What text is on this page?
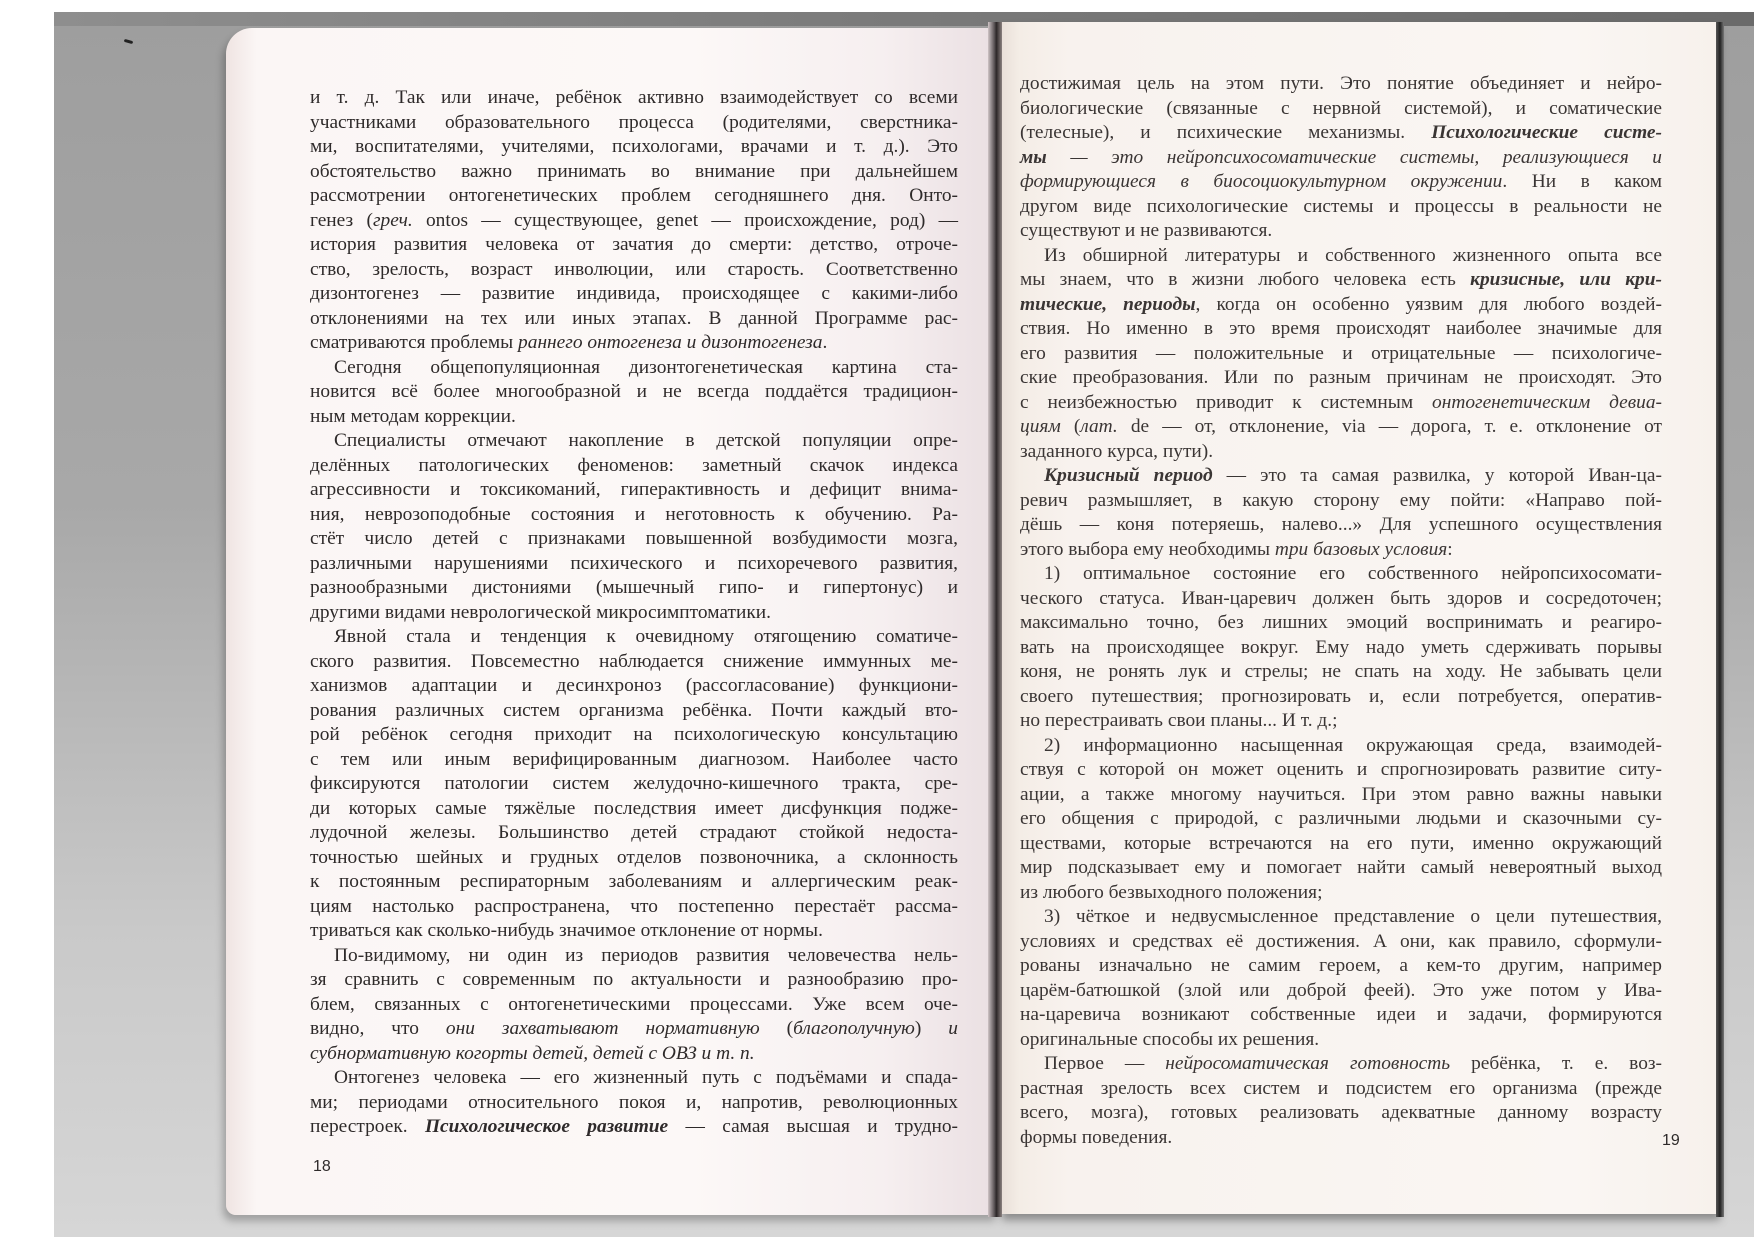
и т. д. Так или иначе, ребёнок активно взаимодействует со всеми
участниками образовательного процесса (родителями, сверстника-
ми, воспитателями, учителями, психологами, врачами и т. д.). Это
обстоятельство важно принимать во внимание при дальнейшем
рассмотрении онтогенетических проблем сегодняшнего дня. Онто-
генез (греч. ontos — существующее, genet — происхождение, род) —
история развития человека от зачатия до смерти: детство, отроче-
ство, зрелость, возраст инволюции, или старость. Соответственно
дизонтогенез — развитие индивида, происходящее с какими-либо
отклонениями на тех или иных этапах. В данной Программе рас-
сматриваются проблемы раннего онтогенеза и дизонтогенеза.
Сегодня общепопуляционная дизонтогенетическая картина ста-
новится всё более многообразной и не всегда поддаётся традицион-
ным методам коррекции.
Специалисты отмечают накопление в детской популяции опре-
делённых патологических феноменов: заметный скачок индекса
агрессивности и токсикоманий, гиперактивность и дефицит внима-
ния, неврозоподобные состояния и неготовность к обучению. Ра-
стёт число детей с признаками повышенной возбудимости мозга,
различными нарушениями психического и психоречевого развития,
разнообразными дистониями (мышечный гипо- и гипертонус) и
другими видами неврологической микросимптоматики.
Явной стала и тенденция к очевидному отягощению соматиче-
ского развития. Повсеместно наблюдается снижение иммунных ме-
ханизмов адаптации и десинхроноз (рассогласование) функциони-
рования различных систем организма ребёнка. Почти каждый вто-
рой ребёнок сегодня приходит на психологическую консультацию
с тем или иным верифицированным диагнозом. Наиболее часто
фиксируются патологии систем желудочно-кишечного тракта, сре-
ди которых самые тяжёлые последствия имеет дисфункция поджe-
лудочной железы. Большинство детей страдают стойкой недоста-
точностью шейных и грудных отделов позвоночника, а склонность
к постоянным респираторным заболеваниям и аллергическим реак-
циям настолько распространена, что постепенно перестаёт рассма-
триваться как сколько-нибудь значимое отклонение от нормы.
По-видимому, ни один из периодов развития человечества нель-
зя сравнить с современным по актуальности и разнообразию про-
блем, связанных с онтогенетическими процессами. Уже всем оче-
видно, что они захватывают нормативную (благополучную) и
субнормативную когорты детей, детей с ОВЗ и т. п.
Онтогенез человека — его жизненный путь с подъёмами и спада-
ми; периодами относительного покоя и, напротив, революционных
перестроек. Психологическое развитие — самая высшая и трудно-
достижимая цель на этом пути. Это понятие объединяет и нейро-
биологические (связанные с нервной системой), и соматические
(телесные), и психические механизмы. Психологические систе-
мы — это нейропсихосоматические системы, реализующиеся и
формирующиеся в биосоциокультурном окружении. Ни в каком
другом виде психологические системы и процессы в реальности не
существуют и не развиваются.
Из обширной литературы и собственного жизненного опыта все
мы знаем, что в жизни любого человека есть кризисные, или кри-
тические, периоды, когда он особенно уязвим для любого воздей-
ствия. Но именно в это время происходят наиболее значимые для
его развития — положительные и отрицательные — психологиче-
ские преобразования. Или по разным причинам не происходят. Это
с неизбежностью приводит к системным онтогенетическим девиа-
циям (лат. de — от, отклонение, via — дорога, т. е. отклонение от
заданного курса, пути).
Кризисный период — это та самая развилка, у которой Иван-ца-
ревич размышляет, в какую сторону ему пойти: «Направо пой-
дёшь — коня потеряешь, налево...» Для успешного осуществления
этого выбора ему необходимы три базовых условия:
1) оптимальное состояние его собственного нейропсихосомати-
ческого статуса. Иван-царевич должен быть здоров и сосредоточен;
максимально точно, без лишних эмоций воспринимать и реагиро-
вать на происходящее вокруг. Ему надо уметь сдерживать порывы
коня, не ронять лук и стрелы; не спать на ходу. Не забывать цели
своего путешествия; прогнозировать и, если потребуется, оператив-
но перестраивать свои планы... И т. д.;
2) информационно насыщенная окружающая среда, взаимодей-
ствуя с которой он может оценить и спрогнозировать развитие ситу-
ации, а также многому научиться. При этом равно важны навыки
его общения с природой, с различными людьми и сказочными су-
ществами, которые встречаются на его пути, именно окружающий
мир подсказывает ему и помогает найти самый невероятный выход
из любого безвыходного положения;
3) чёткое и недвусмысленное представление о цели путешествия,
условиях и средствах её достижения. А они, как правило, сформули-
рованы изначально не самим героем, а кем-то другим, например
царём-батюшкой (злой или доброй феей). Это уже потом у Ива-
на-царевича возникают собственные идеи и задачи, формируются
оригинальные способы их решения.
Первое — нейросоматическая готовность ребёнка, т. е. воз-
растная зрелость всех систем и подсистем его организма (прежде
всего, мозга), готовых реализовать адекватные данному возрасту
формы поведения.
18
19
